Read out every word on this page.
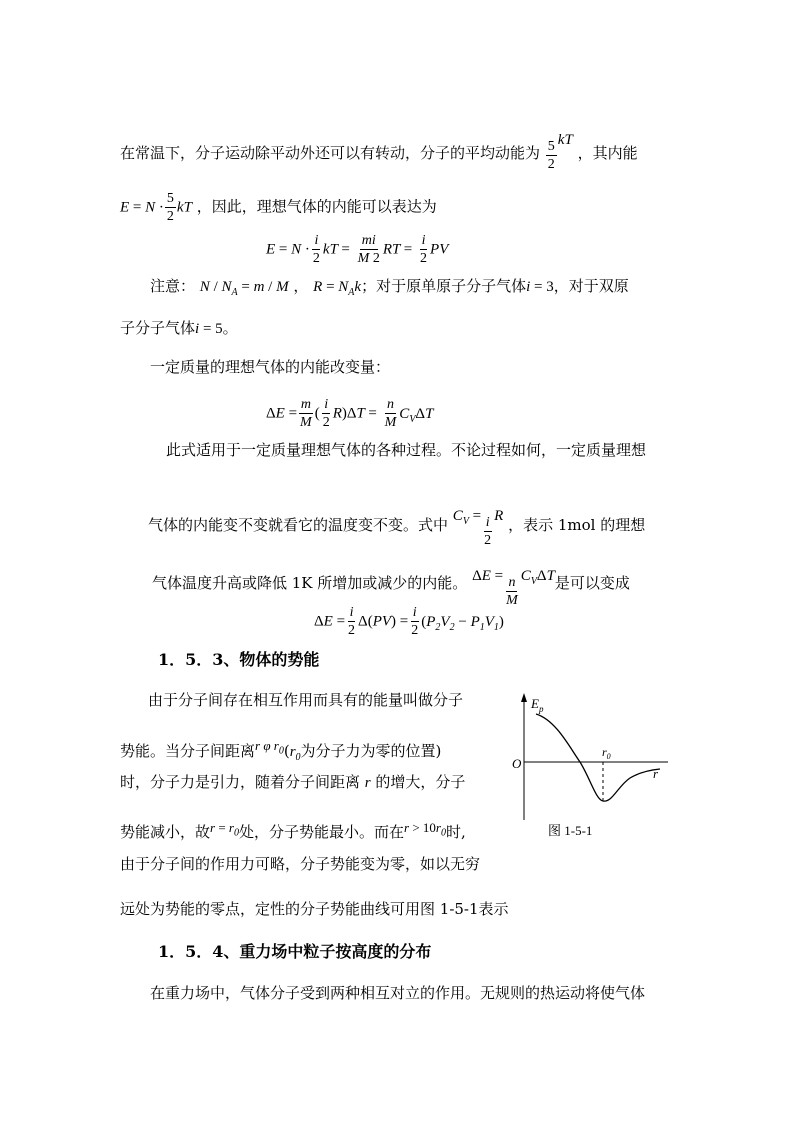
在常温下，分子运动除平动外还可以有转动，分子的平均动能为 $\frac{5}{2}$ kT ，其内能
$E = N \cdot \frac{5}{2}$ kT ，因此，理想气体的内能可以表达为
$E = N \cdot \frac{i}{2}$ kT = $\frac{mi}{M 2}$ RT = $\frac{i}{2}$ PV
注意： $N / N_A = m / M$ ， $R = N_Ak$；对于原单原子分子气体i = 3，对于双原
子分子气体i = 5。
一定质量的理想气体的内能改变量：
$\Delta E = \frac{m}{M}$ ( $\frac{i}{2} R)\Delta T = \frac{n}{M} C_V\Delta T$
此式适用于一定质量理想气体的各种过程。不论过程如何，一定质量理想
气体的内能变不变就看它的温度变不变。式中 $C_V = \frac{i}{2}$ R ，表示 1mol 的理想
气体温度升高或降低 1K 所增加或减少的内能。 $\Delta E = \frac{n}{M} C_V\Delta T$是可以变成
$\Delta E = \frac{i}{2} \Delta(PV) = \frac{i}{2} (P_2V_2 - P_1V_1)$
1．5．3、物体的势能
由于分子间存在相互作用而具有的能量叫做分子
势能。当分子间距离r φ $r_0(r_0$为分子力为零的位置)
时，分子力是引力，随着分子间距离 r 的增大，分子
势能减小，故$r = r_0$处，分子势能最小。而在$r > 10r_0$时,
由于分子间的作用力可略，分子势能变为零，如以无穷
远处为势能的零点，定性的分子势能曲线可用图 1-5-1表示
$E_p$
O
r
$r_0$
图 1-5-1
1．5．4、重力场中粒子按高度的分布
在重力场中，气体分子受到两种相互对立的作用。无规则的热运动将使气体
